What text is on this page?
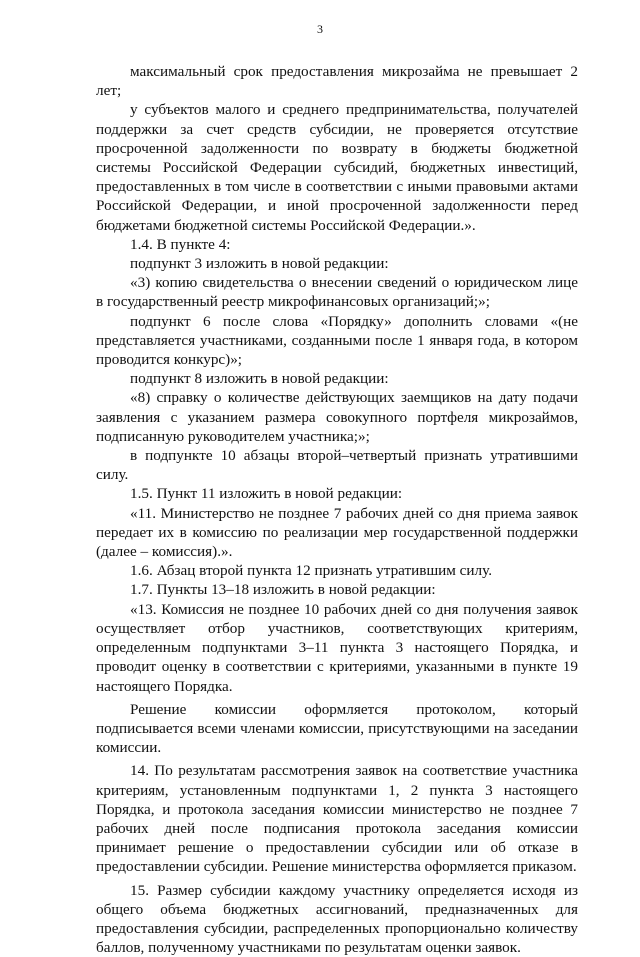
3

максимальный срок предоставления микрозайма не превышает 2 лет;

у субъектов малого и среднего предпринимательства, получателей поддержки за счет средств субсидии, не проверяется отсутствие просроченной задолженности по возврату в бюджеты бюджетной системы Российской Федерации субсидий, бюджетных инвестиций, предоставленных в том числе в соответствии с иными правовыми актами Российской Федерации, и иной просроченной задолженности перед бюджетами бюджетной системы Российской Федерации.».

1.4. В пункте 4:

подпункт 3 изложить в новой редакции:

«3) копию свидетельства о внесении сведений о юридическом лице в государственный реестр микрофинансовых организаций;»;

подпункт 6 после слова «Порядку» дополнить словами «(не представляется участниками, созданными после 1 января года, в котором проводится конкурс)»;

подпункт 8 изложить в новой редакции:

«8) справку о количестве действующих заемщиков на дату подачи заявления с указанием размера совокупного портфеля микрозаймов, подписанную руководителем участника;»;

в подпункте 10 абзацы второй–четвертый признать утратившими силу.

1.5. Пункт 11 изложить в новой редакции:

«11. Министерство не позднее 7 рабочих дней со дня приема заявок передает их в комиссию по реализации мер государственной поддержки (далее – комиссия).».

1.6. Абзац второй пункта 12 признать утратившим силу.

1.7. Пункты 13–18 изложить в новой редакции:

«13. Комиссия не позднее 10 рабочих дней со дня получения заявок осуществляет отбор участников, соответствующих критериям, определенным подпунктами 3–11 пункта 3 настоящего Порядка, и проводит оценку в соответствии с критериями, указанными в пункте 19 настоящего Порядка.

Решение комиссии оформляется протоколом, который подписывается всеми членами комиссии, присутствующими на заседании комиссии.

14. По результатам рассмотрения заявок на соответствие участника критериям, установленным подпунктами 1, 2 пункта 3 настоящего Порядка, и протокола заседания комиссии министерство не позднее 7 рабочих дней после подписания протокола заседания комиссии принимает решение о предоставлении субсидии или об отказе в предоставлении субсидии. Решение министерства оформляется приказом.

15. Размер субсидии каждому участнику определяется исходя из общего объема бюджетных ассигнований, предназначенных для предоставления субсидии, распределенных пропорционально количеству баллов, полученному участниками по результатам оценки заявок.
